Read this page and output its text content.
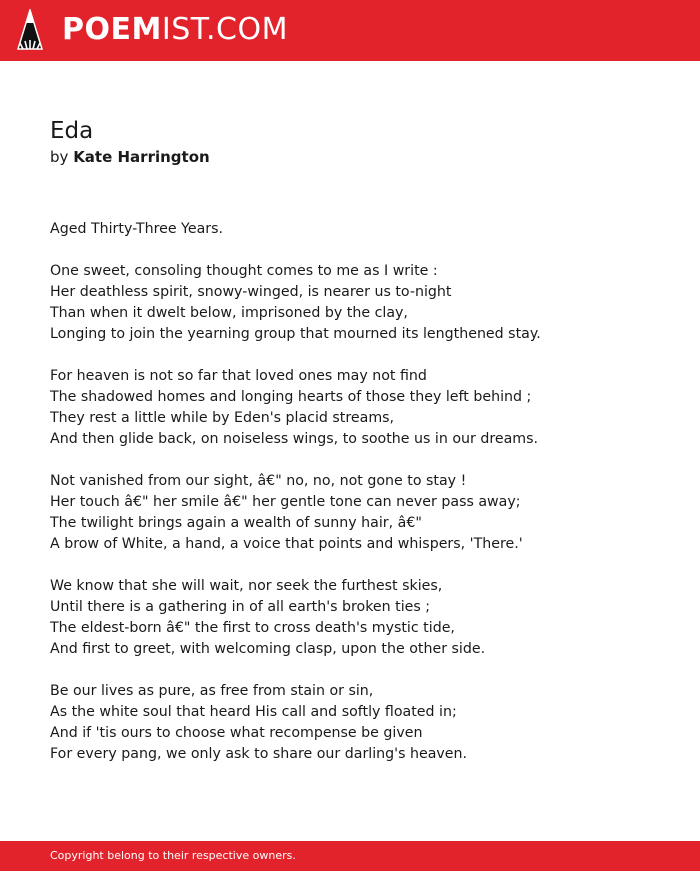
POEMIST.COM
Eda
by Kate Harrington
Aged Thirty-Three Years.
One sweet, consoling thought comes to me as I write :
Her deathless spirit, snowy-winged, is nearer us to-night
Than when it dwelt below, imprisoned by the clay,
Longing to join the yearning group that mourned its lengthened stay.
For heaven is not so far that loved ones may not find
The shadowed homes and longing hearts of those they left behind ;
They rest a little while by Eden's placid streams,
And then glide back, on noiseless wings, to soothe us in our dreams.
Not vanished from our sight, â€" no, no, not gone to stay !
Her touch â€" her smile â€" her gentle tone can never pass away;
The twilight brings again a wealth of sunny hair, â€"
A brow of White, a hand, a voice that points and whispers, 'There.'
We know that she will wait, nor seek the furthest skies,
Until there is a gathering in of all earth's broken ties ;
The eldest-born â€" the first to cross death's mystic tide,
And first to greet, with welcoming clasp, upon the other side.
Be our lives as pure, as free from stain or sin,
As the white soul that heard His call and softly floated in;
And if 'tis ours to choose what recompense be given
For every pang, we only ask to share our darling's heaven.
Copyright belong to their respective owners.
